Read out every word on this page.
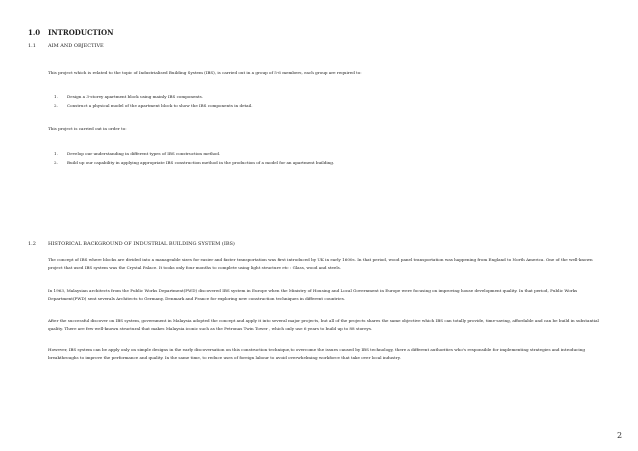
1.0 INTRODUCTION
1.1 AIM AND OBJECTIVE
This project which is related to the topic of Industrialised Building System (IBS), is carried out in a group of 5-6 members, each group are required to:
1. Design a 3-storey apartment block using mainly IBS components.
2. Construct a physical model of the apartment block to show the IBS components in detail.
This project is carried out in order to:
1. Develop our understanding in different types of IBS construction method.
2. Build up our capability in applying appropriate IBS construction method in the production of a model for an apartment building.
1.2 HISTORICAL BACKGROUND OF INDUSTRIAL BUILDING SYSTEM (IBS)
The concept of IBS where blocks are divided into a manageable sizes for easier and faster transportation was first introduced by UK in early 1600s. In that period, wood panel transportation was happening from England to North America. One of the well-known project that used IBS system was the Crystal Palace. It tooks only four months to complete using light structure etc : Glass, wood and steels.
In 1963, Malaysian architects from the Public Works Department(PWD) discovered IBS system in Europe when the Ministry of Housing and Local Government in Europe were focusing on improving house development quality. In that period, Public Works Department(PWD) sent severals Architects to Germany, Denmark and France for exploring new construction techniques in different countries.
After the successful discover on IBS system, government in Malaysia adopted the concept and apply it into several major projects, but all of the projects shares the same objective which IBS can totally provide, time-saving, affordable and can be build in substantial quality. There are few well-known structural that makes Malaysia iconic such as the Petronas Twin Tower , which only use 6 years to build up to 88 storeys.
However, IBS system can be apply only on simple designs in the early discoversation on this construction technique,to overcome the issues caused by IBS technology, there a different authorities who's responsible for implementing strategies and introducing breakthroughs to improve the performance and quality. In the same time, to reduce uses of foreign labour to avoid overwhelming workforce that take over local industry.
2
